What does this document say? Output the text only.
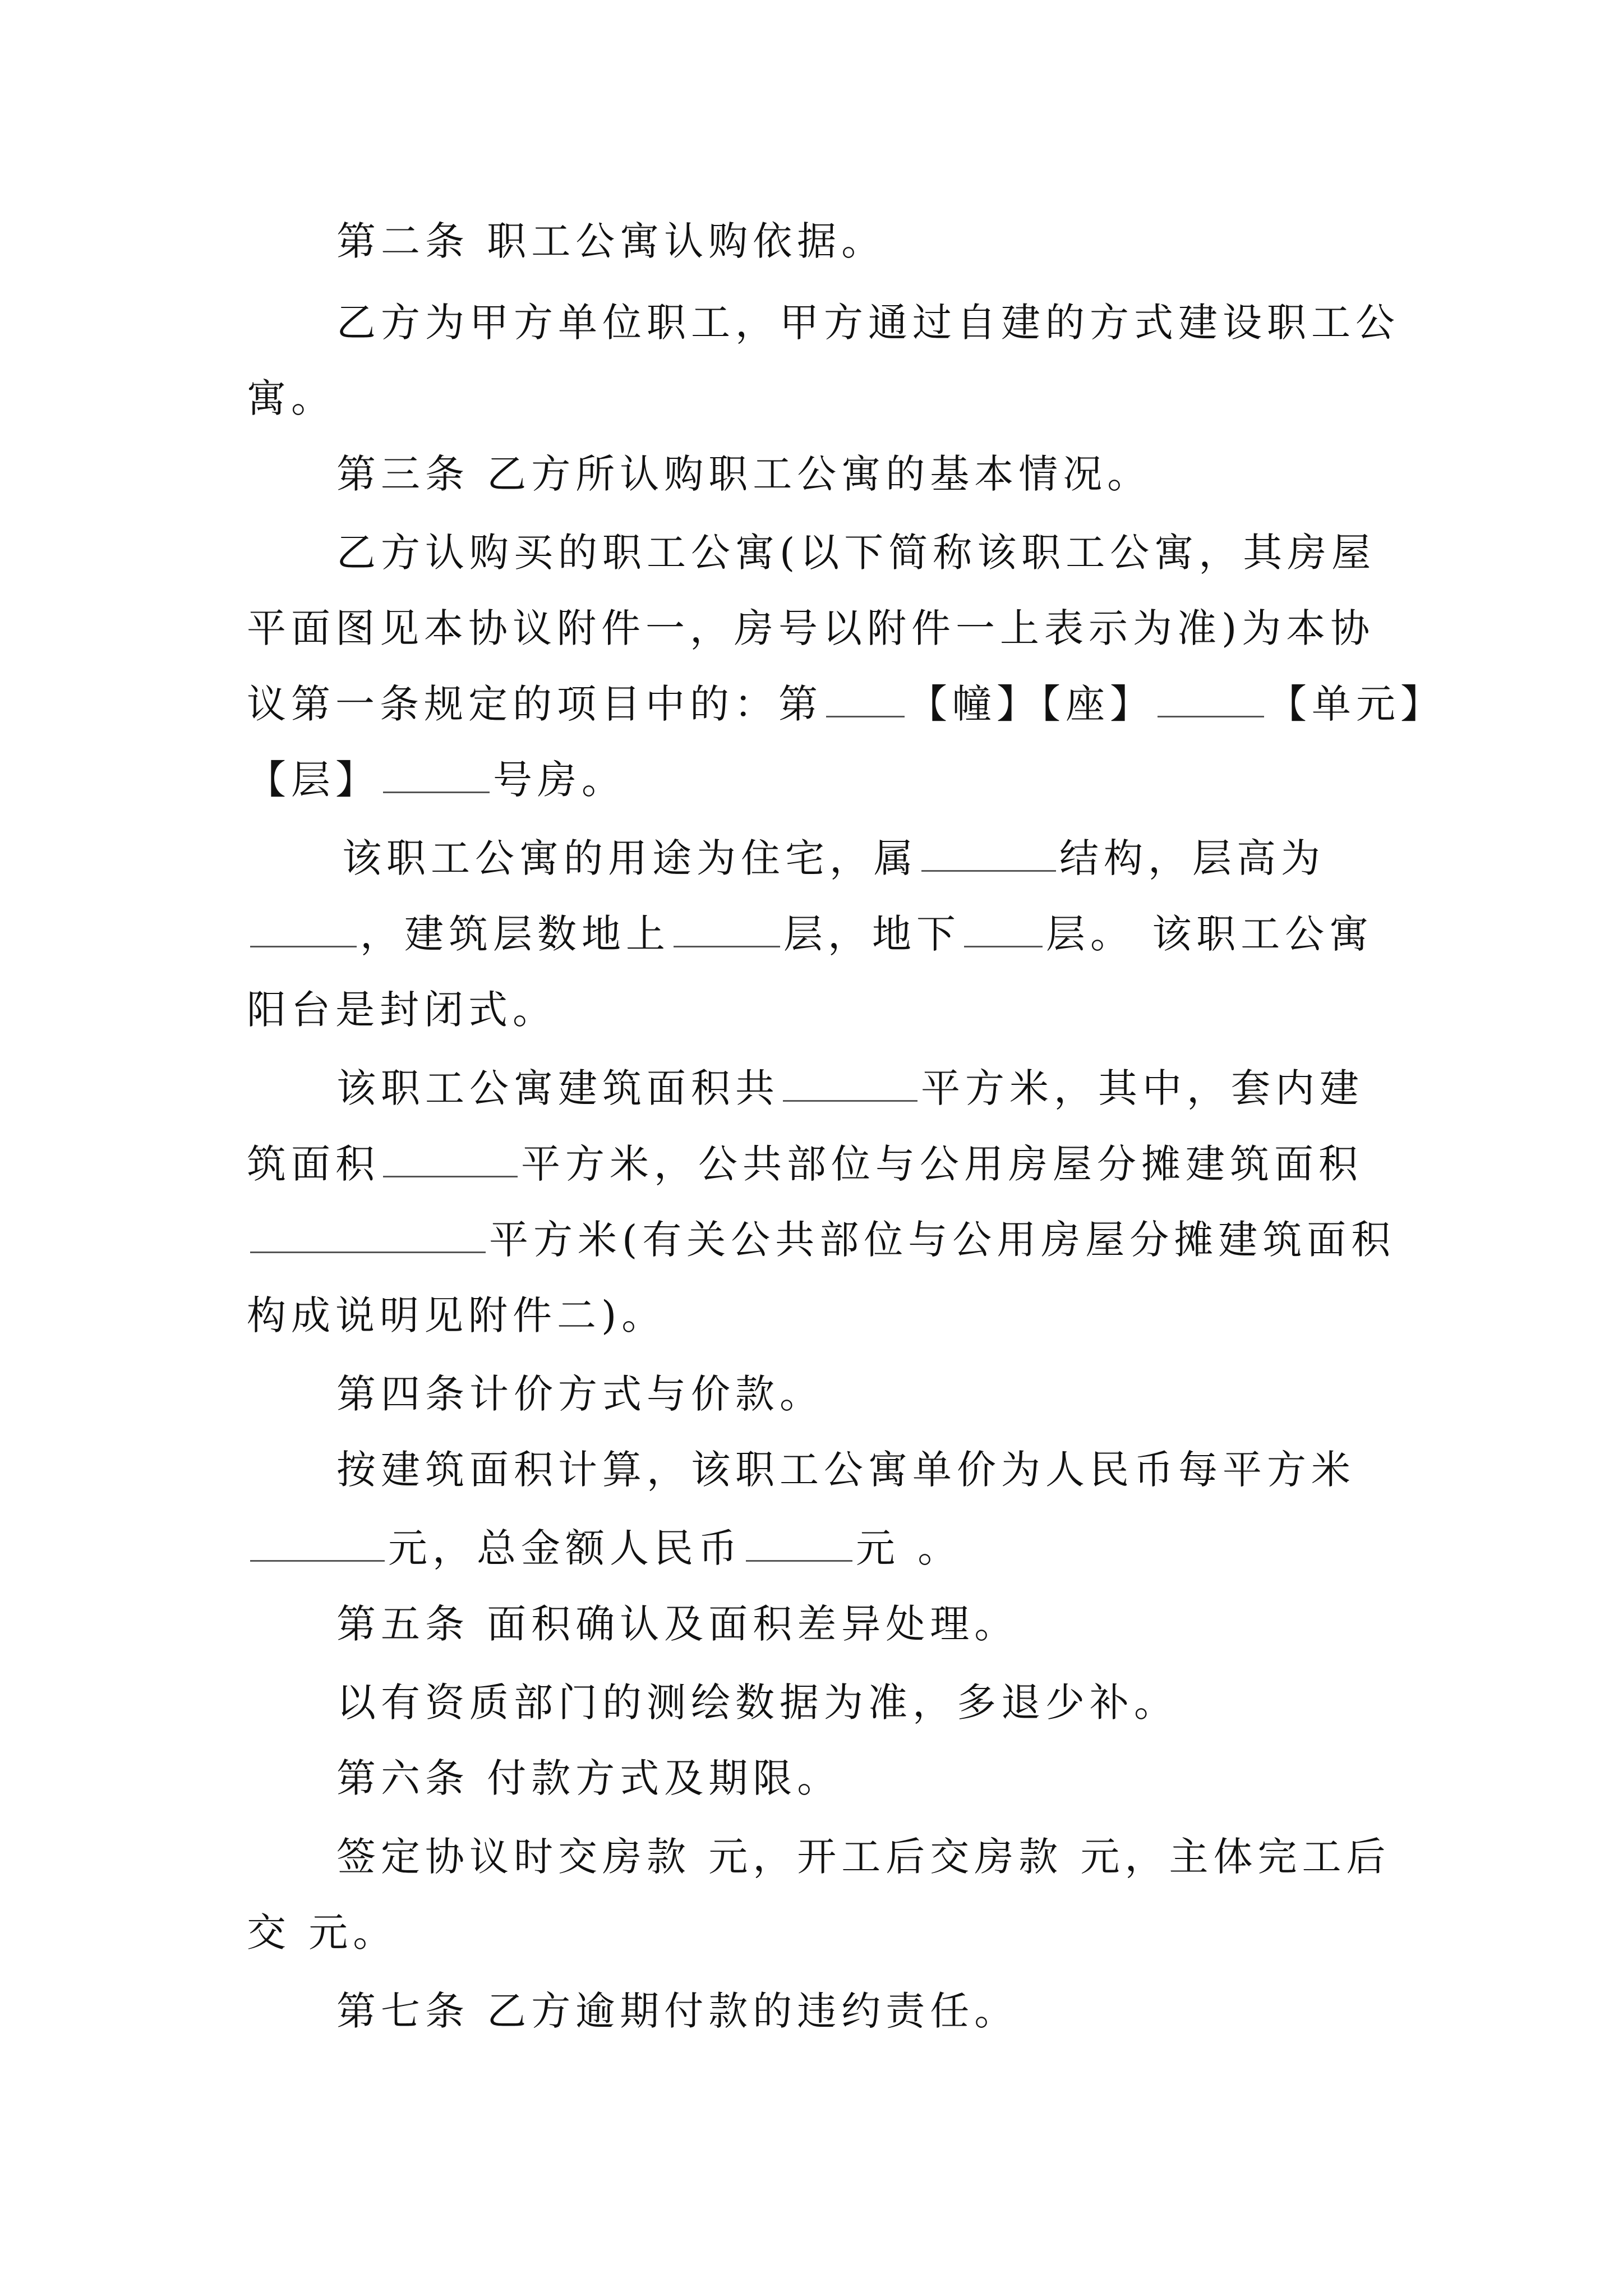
第二条 职工公寓认购依据。

乙方为甲方单位职工，甲方通过自建的方式建设职工公

寓。

第三条 乙方所认购职工公寓的基本情况。

乙方认购买的职工公寓(以下简称该职工公寓，其房屋

平面图见本协议附件一，房号以附件一上表示为准)为本协

议第一条规定的项目中的：第 【幢】【座】	【单元】

【层】	号房。

该职工公寓的用途为住宅，属	结构，层高为

，建筑层数地上	层，地下 层。 该职工公寓

阳台是封闭式。

该职工公寓建筑面积共	平方米，其中，套内建

筑面积	平方米，公共部位与公用房屋分摊建筑面积

平方米(有关公共部位与公用房屋分摊建筑面积

构成说明见附件二)。

第四条计价方式与价款。

按建筑面积计算，该职工公寓单价为人民币每平方米

元，总金额人民币	元 。

第五条 面积确认及面积差异处理。

以有资质部门的测绘数据为准，多退少补。

第六条 付款方式及期限。

签定协议时交房款 元，开工后交房款 元，主体完工后

交 元。

第七条 乙方逾期付款的违约责任。
